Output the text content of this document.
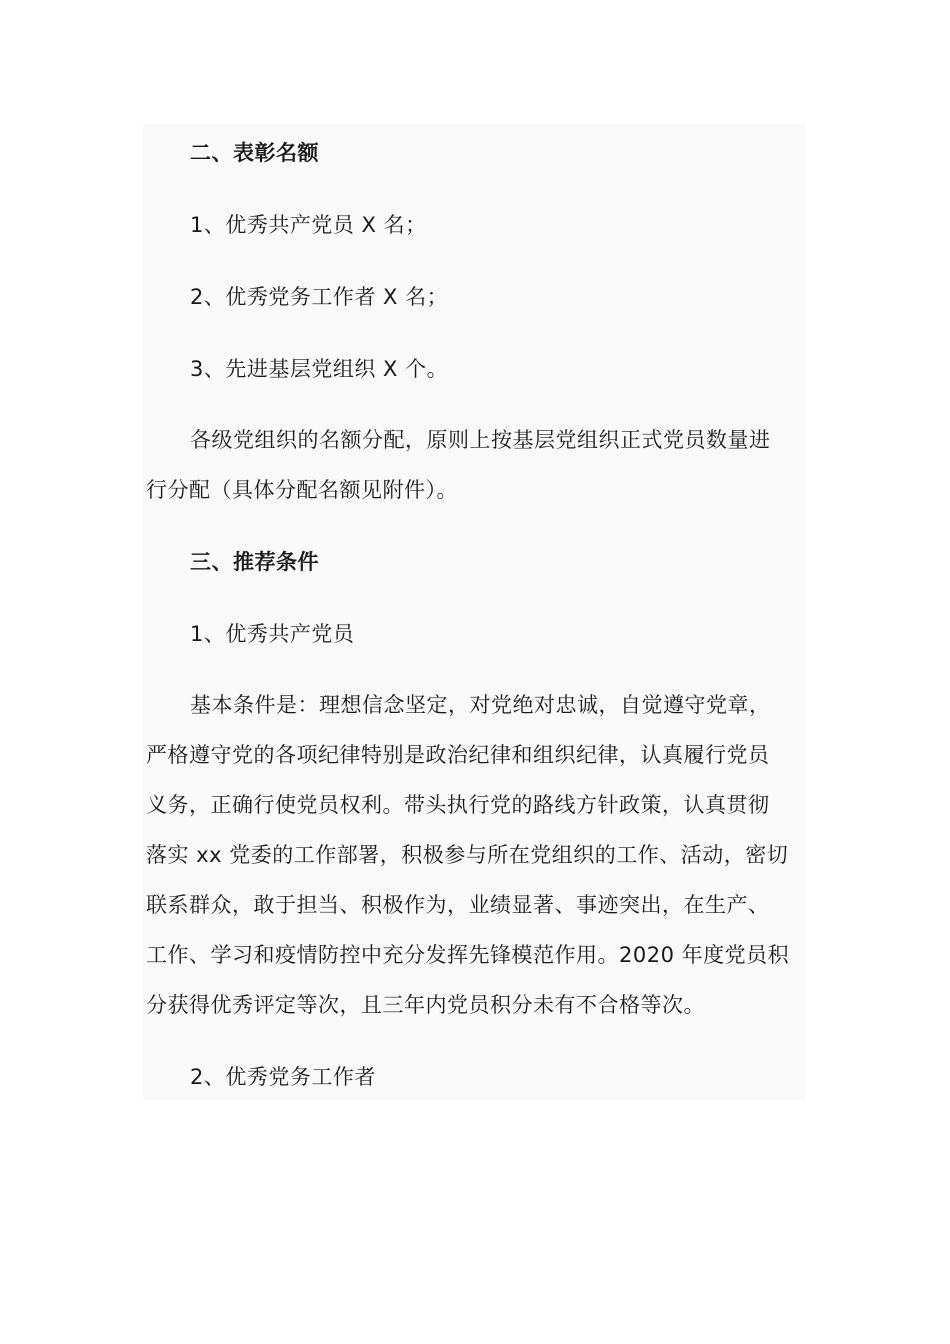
二、表彰名额
1、优秀共产党员 X 名；
2、优秀党务工作者 X 名；
3、先进基层党组织 X 个。
各级党组织的名额分配，原则上按基层党组织正式党员数量进
行分配（具体分配名额见附件）。
三、推荐条件
1、优秀共产党员
基本条件是：理想信念坚定，对党绝对忠诚，自觉遵守党章，
严格遵守党的各项纪律特别是政治纪律和组织纪律，认真履行党员
义务，正确行使党员权利。带头执行党的路线方针政策，认真贯彻
落实 xx 党委的工作部署，积极参与所在党组织的工作、活动，密切
联系群众，敢于担当、积极作为，业绩显著、事迹突出，在生产、
工作、学习和疫情防控中充分发挥先锋模范作用。2020 年度党员积
分获得优秀评定等次，且三年内党员积分未有不合格等次。
2、优秀党务工作者
